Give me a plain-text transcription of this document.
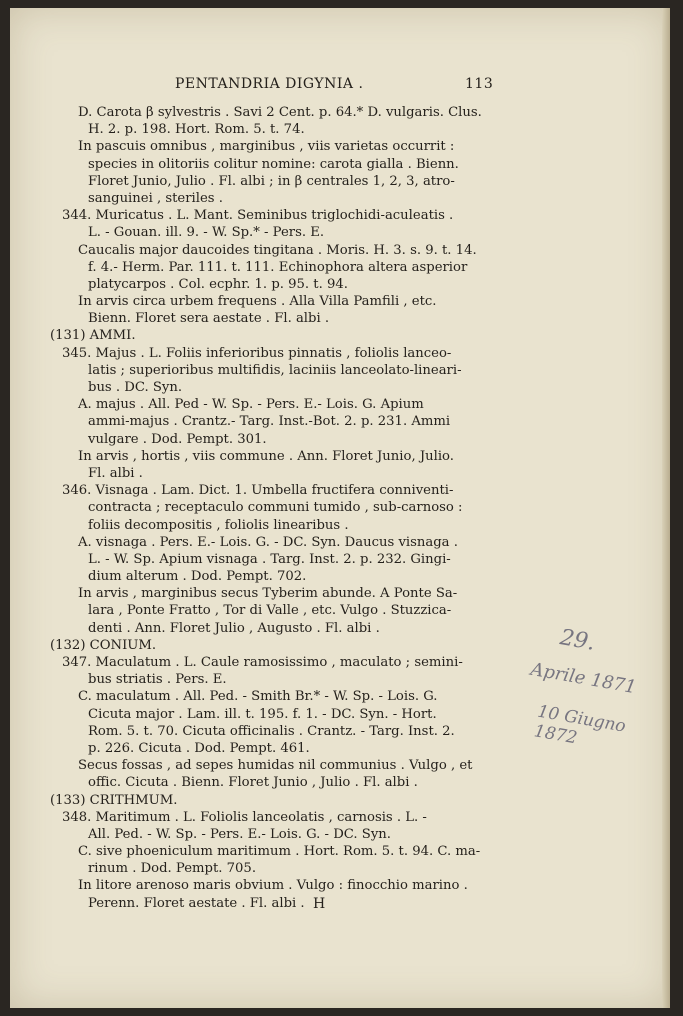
PENTANDRIA DIGYNIA .	113
D. Carota β sylvestris . Savi 2 Cent. p. 64.* D. vulgaris. Clus.
H. 2. p. 198. Hort. Rom. 5. t. 74.
In pascuis omnibus , marginibus , viis varietas occurrit :
species in olitoriis colitur nomine: carota gialla . Bienn.
Floret Junio, Julio . Fl. albi ; in β centrales 1, 2, 3, atro-
sanguinei , steriles .
344. Muricatus . L. Mant. Seminibus triglochidi-aculeatis .
L. - Gouan. ill. 9. - W. Sp.* - Pers. E.
Caucalis major daucoides tingitana . Moris. H. 3. s. 9. t. 14.
f. 4.- Herm. Par. 111. t. 111. Echinophora altera asperior
platycarpos . Col. ecphr. 1. p. 95. t. 94.
In arvis circa urbem frequens . Alla Villa Pamfili , etc.
Bienn. Floret sera aestate . Fl. albi .
(131) AMMI.
345. Majus . L. Foliis inferioribus pinnatis , foliolis lanceo-
latis ; superioribus multifidis, laciniis lanceolato-lineari-
bus . DC. Syn.
A. majus . All. Ped - W. Sp. - Pers. E.- Lois. G. Apium
ammi-majus . Crantz.- Targ. Inst.-Bot. 2. p. 231. Ammi
vulgare . Dod. Pempt. 301.
In arvis , hortis , viis commune . Ann. Floret Junio, Julio.
Fl. albi .
346. Visnaga . Lam. Dict. 1. Umbella fructifera conniventi-
contracta ; receptaculo communi tumido , sub-carnoso :
foliis decompositis , foliolis linearibus .
A. visnaga . Pers. E.- Lois. G. - DC. Syn. Daucus visnaga .
L. - W. Sp. Apium visnaga . Targ. Inst. 2. p. 232. Gingi-
dium alterum . Dod. Pempt. 702.
In arvis , marginibus secus Tyberim abunde. A Ponte Sa-
lara , Ponte Fratto , Tor di Valle , etc. Vulgo . Stuzzica-
denti . Ann. Floret Julio , Augusto . Fl. albi .
(132) CONIUM.
347. Maculatum . L. Caule ramosissimo , maculato ; semini-
bus striatis . Pers. E.
C. maculatum . All. Ped. - Smith Br.* - W. Sp. - Lois. G.
Cicuta major . Lam. ill. t. 195. f. 1. - DC. Syn. - Hort.
Rom. 5. t. 70. Cicuta officinalis . Crantz. - Targ. Inst. 2.
p. 226. Cicuta . Dod. Pempt. 461.
Secus fossas , ad sepes humidas nil communius . Vulgo , et
offic. Cicuta . Bienn. Floret Junio , Julio . Fl. albi .
(133) CRITHMUM.
348. Maritimum . L. Foliolis lanceolatis , carnosis . L. -
All. Ped. - W. Sp. - Pers. E.- Lois. G. - DC. Syn.
C. sive phoeniculum maritimum . Hort. Rom. 5. t. 94. C. ma-
rinum . Dod. Pempt. 705.
In litore arenoso maris obvium . Vulgo : finocchio marino .
Perenn. Floret aestate . Fl. albi . H
29.
Aprile 1871
10 Giugno 1872
